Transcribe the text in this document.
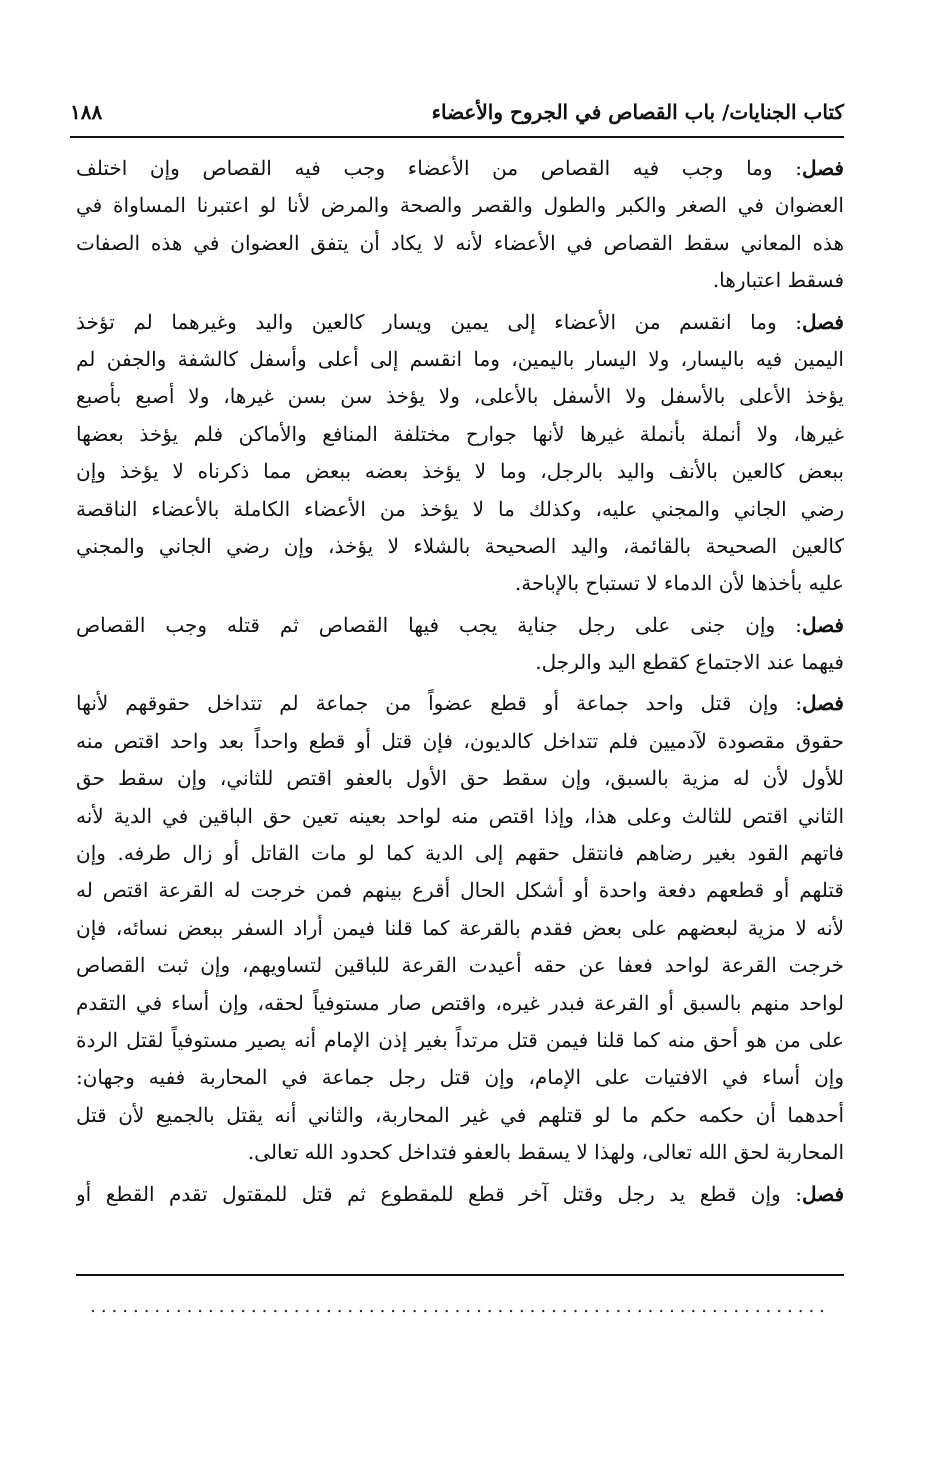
كتاب الجنايات/ باب القصاص في الجروح والأعضاء
١٨٨
فصل: وما وجب فيه القصاص من الأعضاء وجب فيه القصاص وإن اختلف
العضوان في الصغر والكبر والطول والقصر والصحة والمرض لأنا لو اعتبرنا المساواة في
هذه المعاني سقط القصاص في الأعضاء لأنه لا يكاد أن يتفق العضوان في هذه الصفات
فسقط اعتبارها.
فصل: وما انقسم من الأعضاء إلى يمين ويسار كالعين واليد وغيرهما لم تؤخذ
اليمين فيه باليسار، ولا اليسار باليمين، وما انقسم إلى أعلى وأسفل كالشفة والجفن لم
يؤخذ الأعلى بالأسفل ولا الأسفل بالأعلى، ولا يؤخذ سن بسن غيرها، ولا أصبع بأصبع
غيرها، ولا أنملة بأنملة غيرها لأنها جوارح مختلفة المنافع والأماكن فلم يؤخذ بعضها
ببعض كالعين بالأنف واليد بالرجل، وما لا يؤخذ بعضه ببعض مما ذكرناه لا يؤخذ وإن
رضي الجاني والمجني عليه، وكذلك ما لا يؤخذ من الأعضاء الكاملة بالأعضاء الناقصة
كالعين الصحيحة بالقائمة، واليد الصحيحة بالشلاء لا يؤخذ، وإن رضي الجاني والمجني
عليه بأخذها لأن الدماء لا تستباح بالإباحة.
فصل: وإن جنى على رجل جناية يجب فيها القصاص ثم قتله وجب القصاص
فيهما عند الاجتماع كقطع اليد والرجل.
فصل: وإن قتل واحد جماعة أو قطع عضواً من جماعة لم تتداخل حقوقهم لأنها
حقوق مقصودة لآدميين فلم تتداخل كالديون، فإن قتل أو قطع واحداً بعد واحد اقتص منه
للأول لأن له مزية بالسبق، وإن سقط حق الأول بالعفو اقتص للثاني، وإن سقط حق
الثاني اقتص للثالث وعلى هذا، وإذا اقتص منه لواحد بعينه تعين حق الباقين في الدية لأنه
فاتهم القود بغير رضاهم فانتقل حقهم إلى الدية كما لو مات القاتل أو زال طرفه. وإن
قتلهم أو قطعهم دفعة واحدة أو أشكل الحال أقرع بينهم فمن خرجت له القرعة اقتص له
لأنه لا مزية لبعضهم على بعض فقدم بالقرعة كما قلنا فيمن أراد السفر ببعض نسائه، فإن
خرجت القرعة لواحد فعفا عن حقه أعيدت القرعة للباقين لتساويهم، وإن ثبت القصاص
لواحد منهم بالسبق أو القرعة فبدر غيره، واقتص صار مستوفياً لحقه، وإن أساء في التقدم
على من هو أحق منه كما قلنا فيمن قتل مرتداً بغير إذن الإمام أنه يصير مستوفياً لقتل الردة
وإن أساء في الافتيات على الإمام، وإن قتل رجل جماعة في المحاربة ففيه وجهان:
أحدهما أن حكمه حكم ما لو قتلهم في غير المحاربة، والثاني أنه يقتل بالجميع لأن قتل
المحاربة لحق الله تعالى، ولهذا لا يسقط بالعفو فتداخل كحدود الله تعالى.
فصل: وإن قطع يد رجل وقتل آخر قطع للمقطوع ثم قتل للمقتول تقدم القطع أو
.....................................................................
